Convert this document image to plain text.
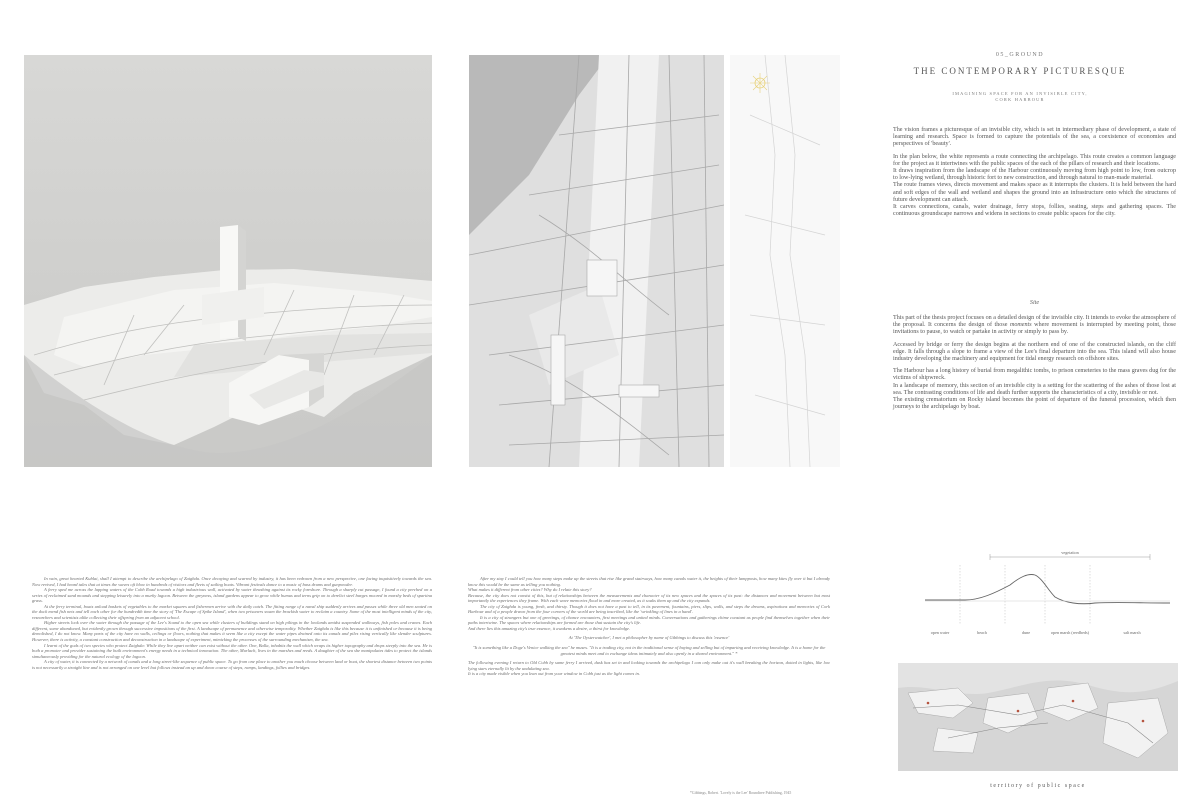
05_GROUND
THE CONTEMPORARY PICTURESQUE
IMAGINING SPACE FOR AN INVISIBLE CITY,
CORK HARBOUR

The vision frames a picturesque of an invisible city, which is set in intermediary phase of development, a state of learning and research. Space is formed to capture the potentials of the sea, a coexistence of economies and perspectives of 'beauty'.

In the plan below, the white represents a route connecting the archipelago. This route creates a common language for the project as it intertwines with the public spaces of the each of the pillars of research and their locations.

It draws inspiration from the landscape of the Harbour continuously moving from high point to low, from outcrop to low-lying wetland, through historic fort to new construction, and through natural to man-made material.

The route frames views, directs movement and makes space as it interrupts the clusters. It is held between the hard and soft edges of the wall and wetland and shapes the ground into an infrastructure onto which the structures of future development can attach.

It carves connections, canals, water drainage, ferry stops, follies, seating, steps and gathering spaces. The continuous groundscape narrows and widens in sections to create public spaces for the city.

Site

This part of the thesis project focuses on a detailed design of the invisible city. It intends to evoke the atmosphere of the proposal. It concerns the design of those moments where movement is interrupted by meeting point, those invitations to pause, to watch or partake in activity or simply to pass by.

Accessed by bridge or ferry the design begins at the northern end of one of the constructed islands, on the cliff edge. It falls through a slope to frame a view of the Lee's final departure into the sea. This island will also house industry developing the machinery and equipment for tidal energy research on offshore sites.

The Harbour has a long history of burial from megalithic tombs, to prison cemeteries to the mass graves dug for the victims of shipwreck.

In a landscape of memory, this section of an invisible city is a setting for the scattering of the ashes of those lost at sea. The contrasting conditions of life and death further supports the characteristics of a city, invisible or not.

The existing crematorium on Rocky island becomes the point of departure of the funeral procession, which then journeys to the archipelago by boat.

In vain, great hearted Kublai, shall I attempt to describe the archipelago of Zaighda. Once decaying and scarred by industry, it has been redrawn from a new perspective, one facing inquisitively towards the sea. Now revived, I had heard tales that at times the waves oft blow in hundreds of visitors and fleets of sailing boats. Vibrant festivals dance to a music of bass drums and gunpowder.

A ferry sped me across the lapping waters of the Cobh Road towards a high industrious wall, activated by water thrashing against its rocky foreshore. Through a sharply cut passage, I found a city perched on a series of reclaimed sand mounds and stepping leisurely into a murky lagoon. Between the greyness, island gardens appear to grow while humus and terns grip on to derelict steel barges moored in marshy beds of spartina grass.

At the ferry terminal, boats unload baskets of vegetables to the market squares and fishermen arrive with the daily catch. The fitting range of a naval ship suddenly arrives and passes while three old men seated on the dock mend fish nets and tell each other for the hundredth time the story of 'The Escape of Spike Island', when two prisoners swam the brackish water to reclaim a country. Some of the most intelligent minds of the city, researchers and scientists alike collecting their offspring from an adjacent school.

Higher streets look over the water through the passage of the Lee's Sound to the open sea while clusters of buildings stand on high pilings in the lowlands amidst suspended walkways, fish poles and cranes. Each different, some abandoned, but evidently grown through successive impositions of the first. A landscape of permanence and otherwise temporality. Whether Zaighda is like this because it is unfinished or because it is being demolished, I do not know. Many parts of the city have no walls, ceilings or floors, nothing that makes it seem like a city except the water pipes drained onto its canals and piles rising vertically like slender sculptures. However, there is activity, a constant construction and deconstruction in a landscape of experiment, mimicking the processes of the surrounding mechanism, the sea.

I learnt of the gods of two species who protect Zaighda: While they live apart neither can exist without the other. One, Balla, inhabits the wall which wraps its higher topography and drops steeply into the sea. He is both a promoter and provider sustaining the built environment's energy needs in a technical innovation. The other, Murlach, lives in the marshes and reeds. A daughter of the sea she manipulates tides to protect the islands simultaneously providing for the natural ecology of the lagoon.

A city of water, it is connected by a network of canals and a long street-like sequence of public space. To go from one place to another you much choose between land or boat, the shortest distance between two points is not necessarily a straight line and is not arranged on one level but follows instead an up and down course of steps, ramps, landings, follies and bridges.

After my stay I could tell you how many steps make up the streets that rise like grand stairways, how many canals water it, the heights of their lampposts, how many kites fly over it but I already know this would be the same as telling you nothing.

What makes it different from other cities? Why do I relate this story?

Because, the city does not consist of this, but of relationships between the measurements and character of its new spaces and the spaces of its past: the distances and movement between but most importantly the experiences they frame. With each wave memories flood in and more created, as it soaks them up and the city expands.

The city of Zaighda is young, fresh, and thirsty. Though it does not have a past to tell, in its pavement, fountains, piers, slips, walls, and steps the dreams, aspirations and memories of Cork Harbour and of a people drawn from the four corners of the world are being inscribed, like the 'wrinkling of lines in a hand'.

It is a city of strangers but one of greetings, of chance encounters, first meetings and united minds. Conversations and gatherings chime constant as people find themselves together when their paths intertwine. The spaces where relationships are formed are those that sustain the city's life.

And there lies this amazing city's true essence, it awakens a desire, a thirst for knowledge.

At 'The Oysterwatcher', I met a philosopher by name of Gibbings to discuss this 'essence'

"It is something like a Doge's Venice walking the sea" he muses. "It is a trading city, not in the traditional sense of buying and selling but of imparting and receiving knowledge. It is a home for the greatest minds meet and to exchange ideas intimately and also openly in a shared environment." *

The following evening I return to Old Cobh by same ferry I arrived, dusk has set in and looking towards the archipelago I can only make out it's wall breaking the horizon, dotted in lights, like low lying stars eternally lit by the undulating sea.

It is a city made visible when you lean out from your window in Cobh just as the light comes in.

*Gibbings, Robert. 'Lovely is the Lee' Roundtree Publishing, 1945
vegetation
open water	beach	dune	open marsh (reedbeds)	salt marsh
territory of public space
